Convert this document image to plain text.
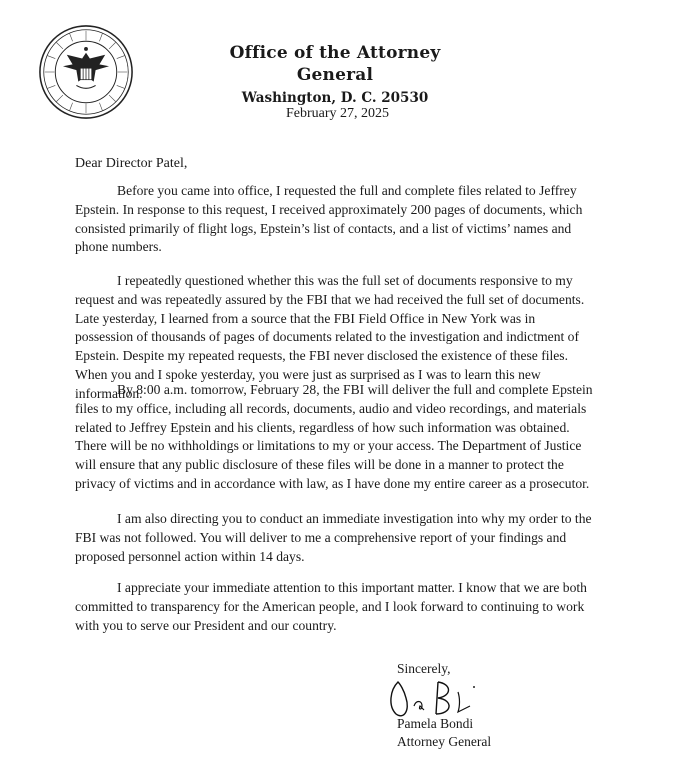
Office of the Attorney General
Washington, D. C. 20530
February 27, 2025
Dear Director Patel,

Before you came into office, I requested the full and complete files related to Jeffrey Epstein. In response to this request, I received approximately 200 pages of documents, which consisted primarily of flight logs, Epstein’s list of contacts, and a list of victims’ names and phone numbers.

I repeatedly questioned whether this was the full set of documents responsive to my request and was repeatedly assured by the FBI that we had received the full set of documents. Late yesterday, I learned from a source that the FBI Field Office in New York was in possession of thousands of pages of documents related to the investigation and indictment of Epstein. Despite my repeated requests, the FBI never disclosed the existence of these files. When you and I spoke yesterday, you were just as surprised as I was to learn this new information.

By 8:00 a.m. tomorrow, February 28, the FBI will deliver the full and complete Epstein files to my office, including all records, documents, audio and video recordings, and materials related to Jeffrey Epstein and his clients, regardless of how such information was obtained. There will be no withholdings or limitations to my or your access. The Department of Justice will ensure that any public disclosure of these files will be done in a manner to protect the privacy of victims and in accordance with law, as I have done my entire career as a prosecutor.

I am also directing you to conduct an immediate investigation into why my order to the FBI was not followed. You will deliver to me a comprehensive report of your findings and proposed personnel action within 14 days.

I appreciate your immediate attention to this important matter. I know that we are both committed to transparency for the American people, and I look forward to continuing to work with you to serve our President and our country.

Sincerely,
Pamela Bondi
Attorney General
